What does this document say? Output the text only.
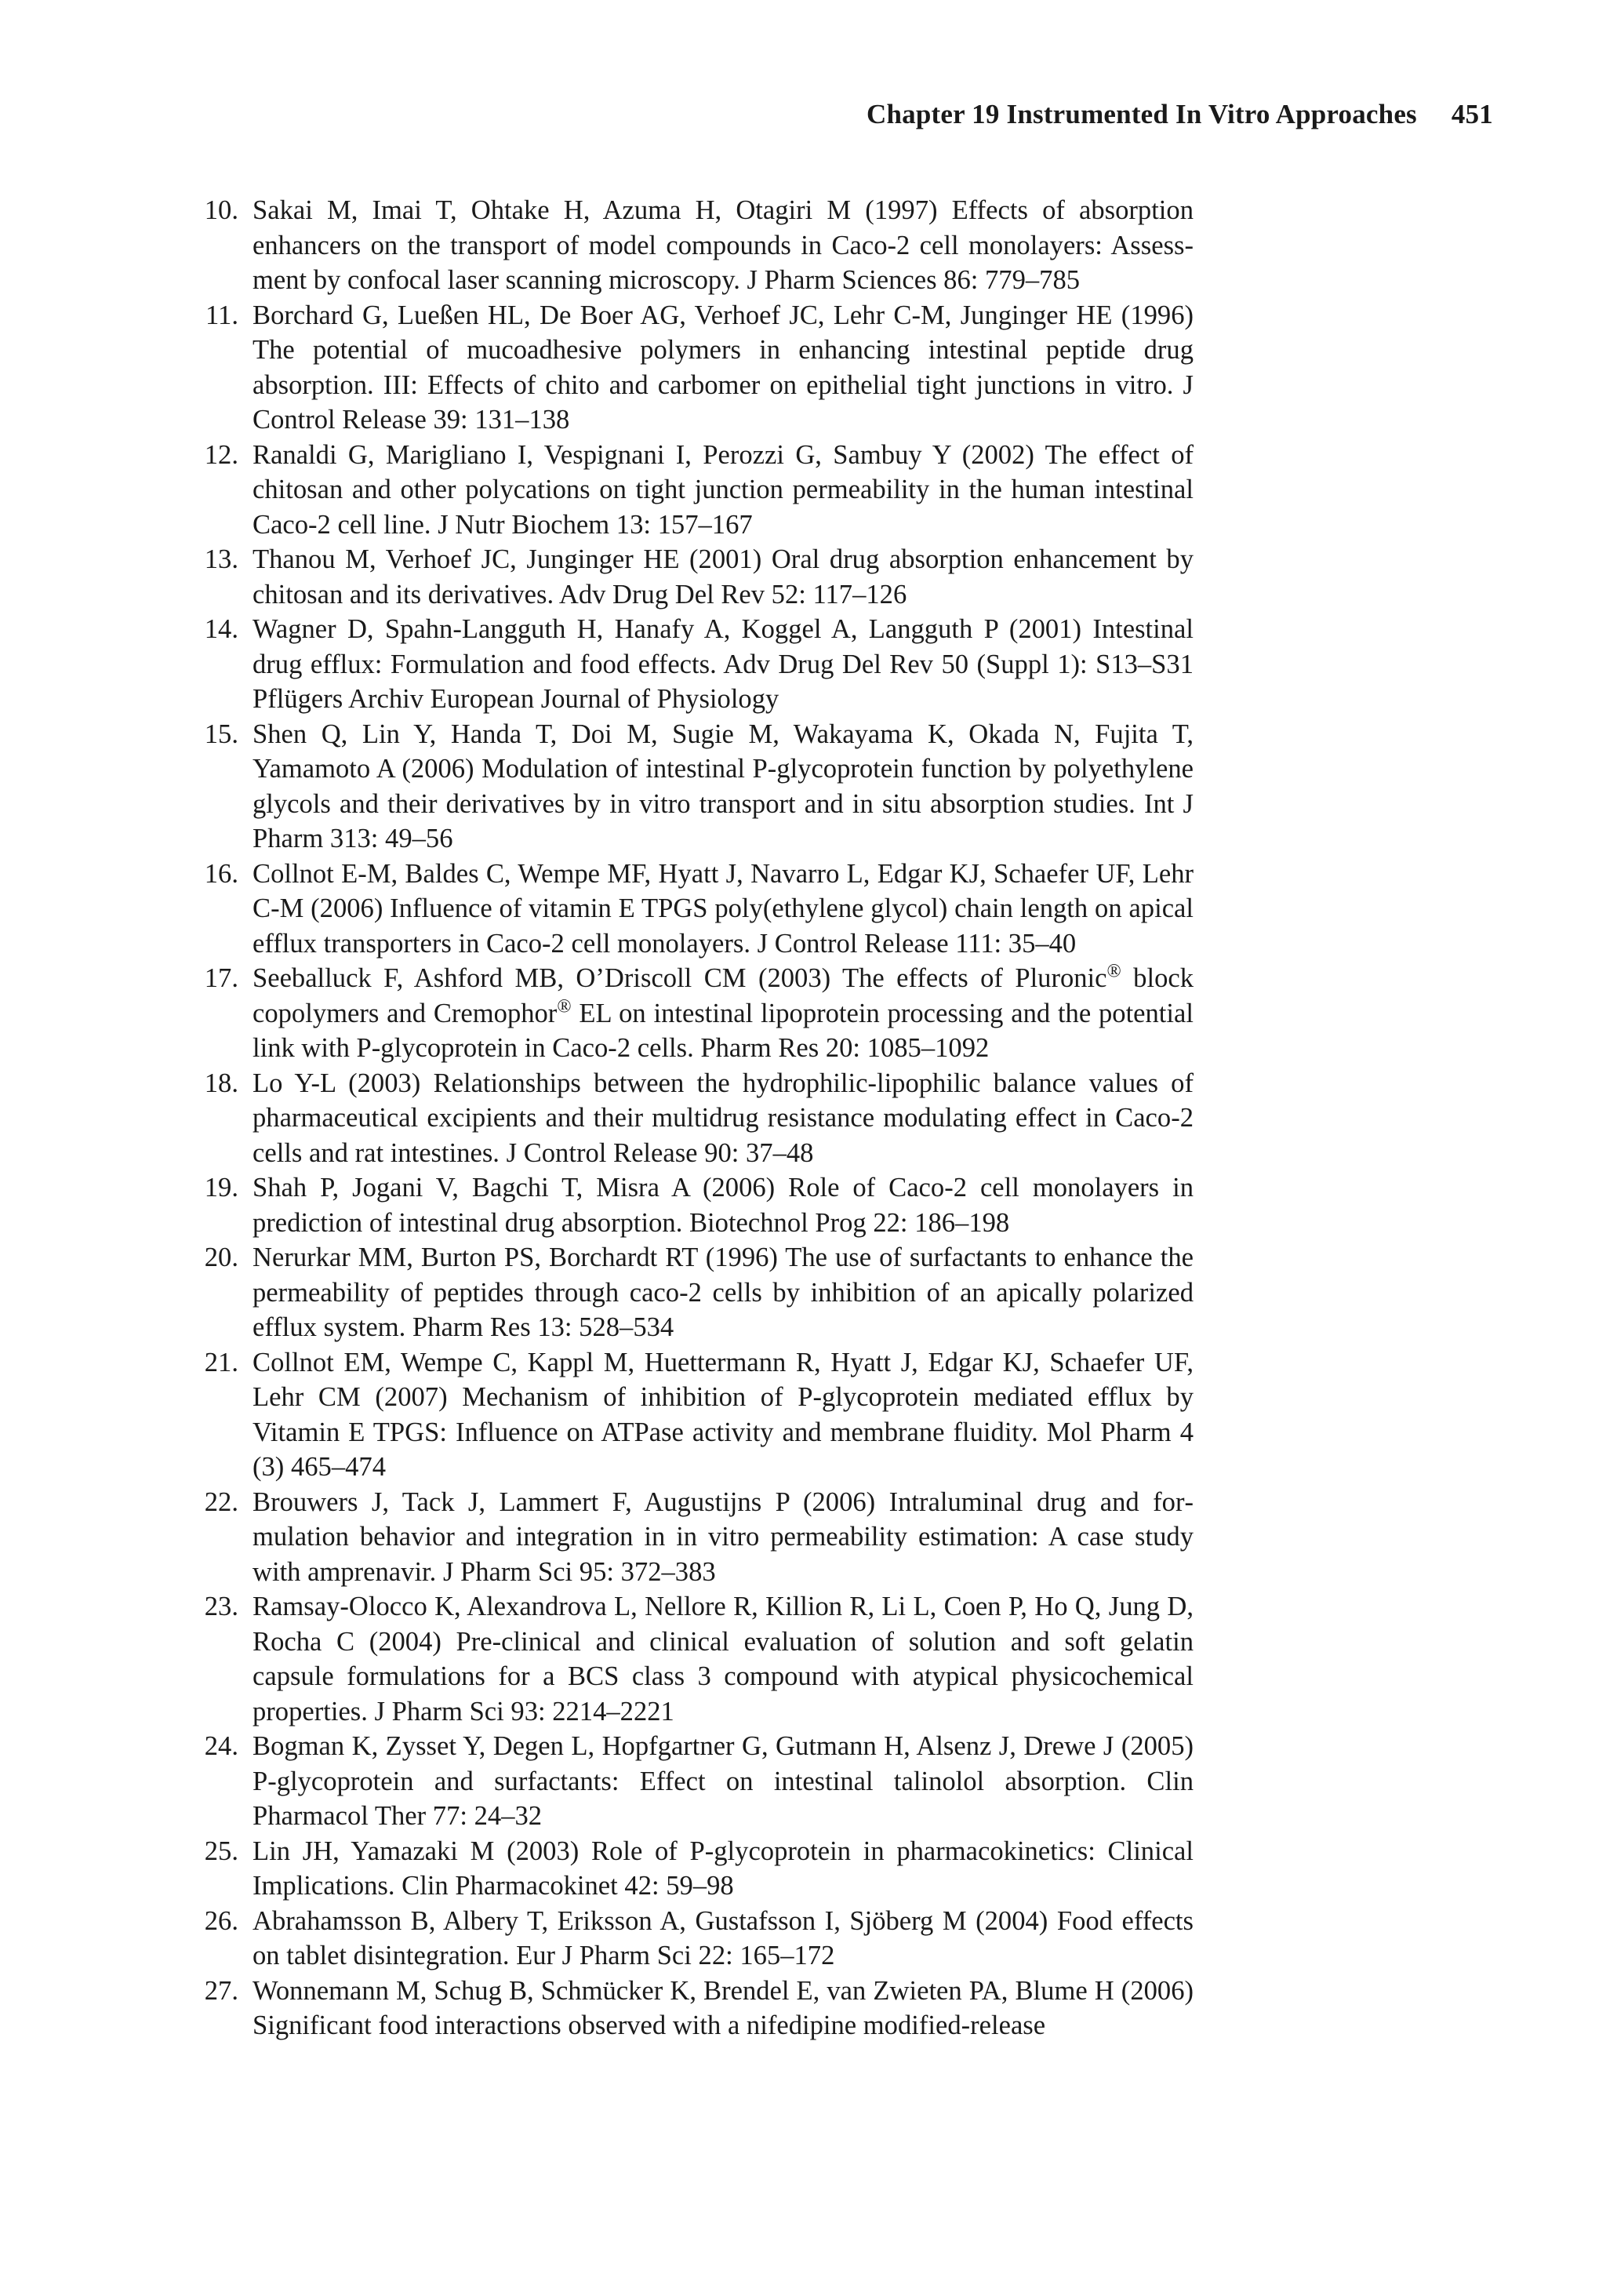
Chapter 19 Instrumented In Vitro Approaches 451
10. Sakai M, Imai T, Ohtake H, Azuma H, Otagiri M (1997) Effects of absorption enhancers on the transport of model compounds in Caco-2 cell monolayers: Assessment by confocal laser scanning microscopy. J Pharm Sciences 86: 779–785
11. Borchard G, Lueßen HL, De Boer AG, Verhoef JC, Lehr C-M, Junginger HE (1996) The potential of mucoadhesive polymers in enhancing intestinal peptide drug absorption. III: Effects of chito and carbomer on epithelial tight junctions in vitro. J Control Release 39: 131–138
12. Ranaldi G, Marigliano I, Vespignani I, Perozzi G, Sambuy Y (2002) The effect of chitosan and other polycations on tight junction permeability in the human intestinal Caco-2 cell line. J Nutr Biochem 13: 157–167
13. Thanou M, Verhoef JC, Junginger HE (2001) Oral drug absorption enhancement by chitosan and its derivatives. Adv Drug Del Rev 52: 117–126
14. Wagner D, Spahn-Langguth H, Hanafy A, Koggel A, Langguth P (2001) Intestinal drug efflux: Formulation and food effects. Adv Drug Del Rev 50 (Suppl 1): S13–S31 Pflügers Archiv European Journal of Physiology
15. Shen Q, Lin Y, Handa T, Doi M, Sugie M, Wakayama K, Okada N, Fujita T, Yamamoto A (2006) Modulation of intestinal P-glycoprotein function by polyethylene glycols and their derivatives by in vitro transport and in situ absorption studies. Int J Pharm 313: 49–56
16. Collnot E-M, Baldes C, Wempe MF, Hyatt J, Navarro L, Edgar KJ, Schaefer UF, Lehr C-M (2006) Influence of vitamin E TPGS poly(ethylene glycol) chain length on apical efflux transporters in Caco-2 cell monolayers. J Control Release 111: 35–40
17. Seeballuck F, Ashford MB, O’Driscoll CM (2003) The effects of Pluronic® block copolymers and Cremophor® EL on intestinal lipoprotein processing and the potential link with P-glycoprotein in Caco-2 cells. Pharm Res 20: 1085–1092
18. Lo Y-L (2003) Relationships between the hydrophilic-lipophilic balance values of pharmaceutical excipients and their multidrug resistance modulating effect in Caco-2 cells and rat intestines. J Control Release 90: 37–48
19. Shah P, Jogani V, Bagchi T, Misra A (2006) Role of Caco-2 cell monolayers in prediction of intestinal drug absorption. Biotechnol Prog 22: 186–198
20. Nerurkar MM, Burton PS, Borchardt RT (1996) The use of surfactants to enhance the permeability of peptides through caco-2 cells by inhibition of an apically polarized efflux system. Pharm Res 13: 528–534
21. Collnot EM, Wempe C, Kappl M, Huettermann R, Hyatt J, Edgar KJ, Schaefer UF, Lehr CM (2007) Mechanism of inhibition of P-glycoprotein mediated efflux by Vitamin E TPGS: Influence on ATPase activity and membrane fluidity. Mol Pharm 4 (3) 465–474
22. Brouwers J, Tack J, Lammert F, Augustijns P (2006) Intraluminal drug and formulation behavior and integration in in vitro permeability estimation: A case study with amprenavir. J Pharm Sci 95: 372–383
23. Ramsay-Olocco K, Alexandrova L, Nellore R, Killion R, Li L, Coen P, Ho Q, Jung D, Rocha C (2004) Pre-clinical and clinical evaluation of solution and soft gelatin capsule formulations for a BCS class 3 compound with atypical physicochemical properties. J Pharm Sci 93: 2214–2221
24. Bogman K, Zysset Y, Degen L, Hopfgartner G, Gutmann H, Alsenz J, Drewe J (2005) P-glycoprotein and surfactants: Effect on intestinal talinolol absorption. Clin Pharmacol Ther 77: 24–32
25. Lin JH, Yamazaki M (2003) Role of P-glycoprotein in pharmacokinetics: Clinical Implications. Clin Pharmacokinet 42: 59–98
26. Abrahamsson B, Albery T, Eriksson A, Gustafsson I, Sjöberg M (2004) Food effects on tablet disintegration. Eur J Pharm Sci 22: 165–172
27. Wonnemann M, Schug B, Schmücker K, Brendel E, van Zwieten PA, Blume H (2006) Significant food interactions observed with a nifedipine modified-release
